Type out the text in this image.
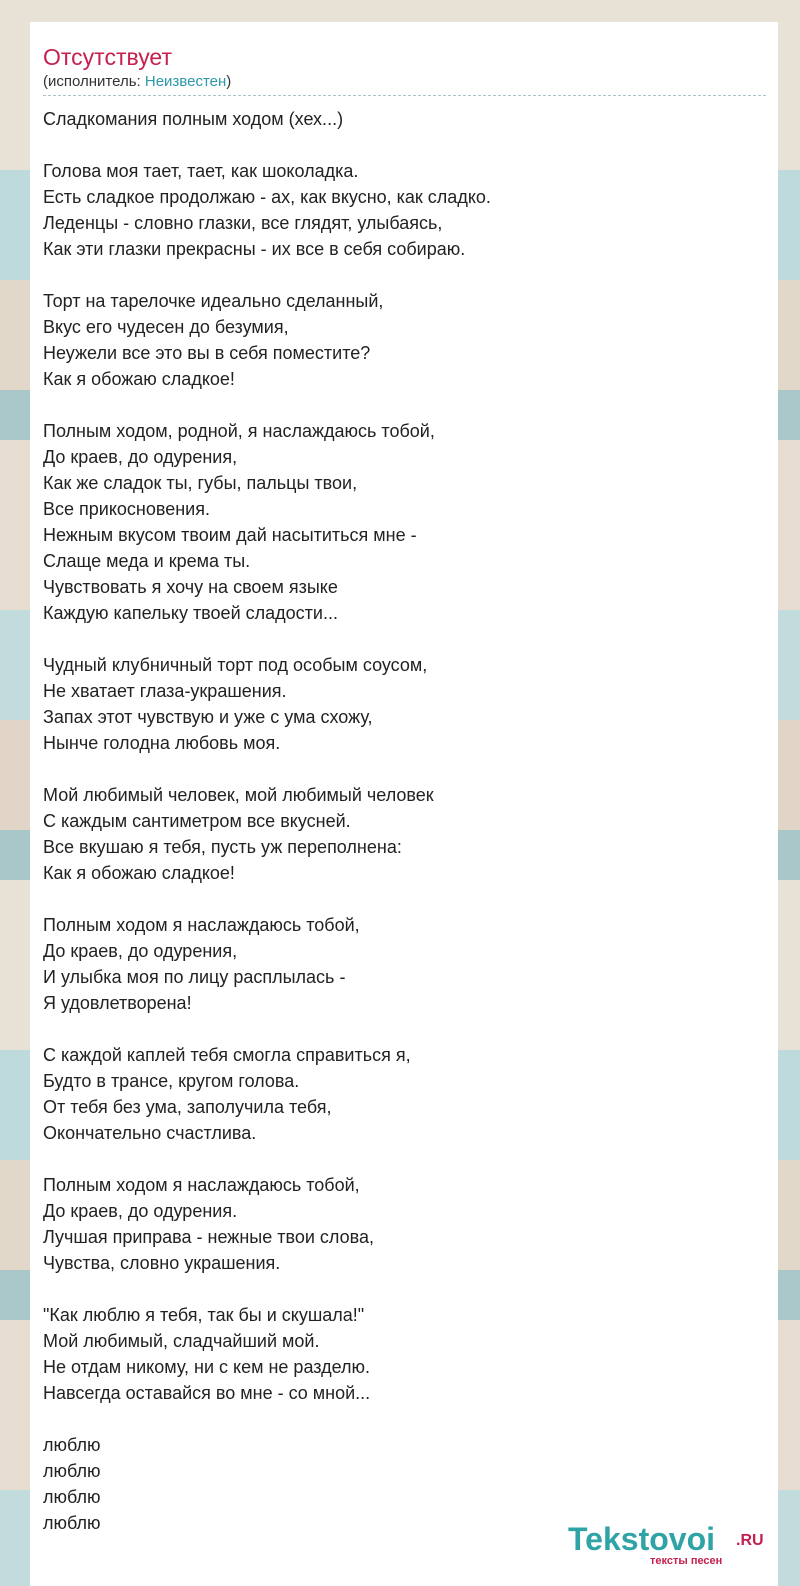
Отсутствует
(исполнитель: Неизвестен)
Сладкомания полным ходом (хех...)
Голова моя тает, тает, как шоколадка.
Есть сладкое продолжаю - ах, как вкусно, как сладко.
Леденцы - словно глазки, все глядят, улыбаясь,
Как эти глазки прекрасны - их все в себя собираю.
Торт на тарелочке идеально сделанный,
Вкус его чудесен до безумия,
Неужели все это вы в себя поместите?
Как я обожаю сладкое!
Полным ходом, родной, я наслаждаюсь тобой,
До краев, до одурения,
Как же сладок ты, губы, пальцы твои,
Все прикосновения.
Нежным вкусом твоим дай насытиться мне -
Слаще меда и крема ты.
Чувствовать я хочу на своем языке
Каждую капельку твоей сладости...
Чудный клубничный торт под особым соусом,
Не хватает глаза-украшения.
Запах этот чувствую и уже с ума схожу,
Нынче голодна любовь моя.
Мой любимый человек, мой любимый человек
С каждым сантиметром все вкусней.
Все вкушаю я тебя, пусть уж переполнена:
Как я обожаю сладкое!
Полным ходом я наслаждаюсь тобой,
До краев, до одурения,
И улыбка моя по лицу расплылась -
Я удовлетворена!
С каждой каплей тебя смогла справиться я,
Будто в трансе, кругом голова.
От тебя без ума, заполучила тебя,
Окончательно счастлива.
Полным ходом я наслаждаюсь тобой,
До краев, до одурения.
Лучшая приправа - нежные твои слова,
Чувства, словно украшения.
"Как люблю я тебя, так бы и скушала!"
Мой любимый, сладчайший мой.
Не отдам никому, ни с кем не разделю.
Навсегда оставайся во мне - со мной...
люблю
люблю
люблю
люблю	Tekstovoi .RU
тексты песен
